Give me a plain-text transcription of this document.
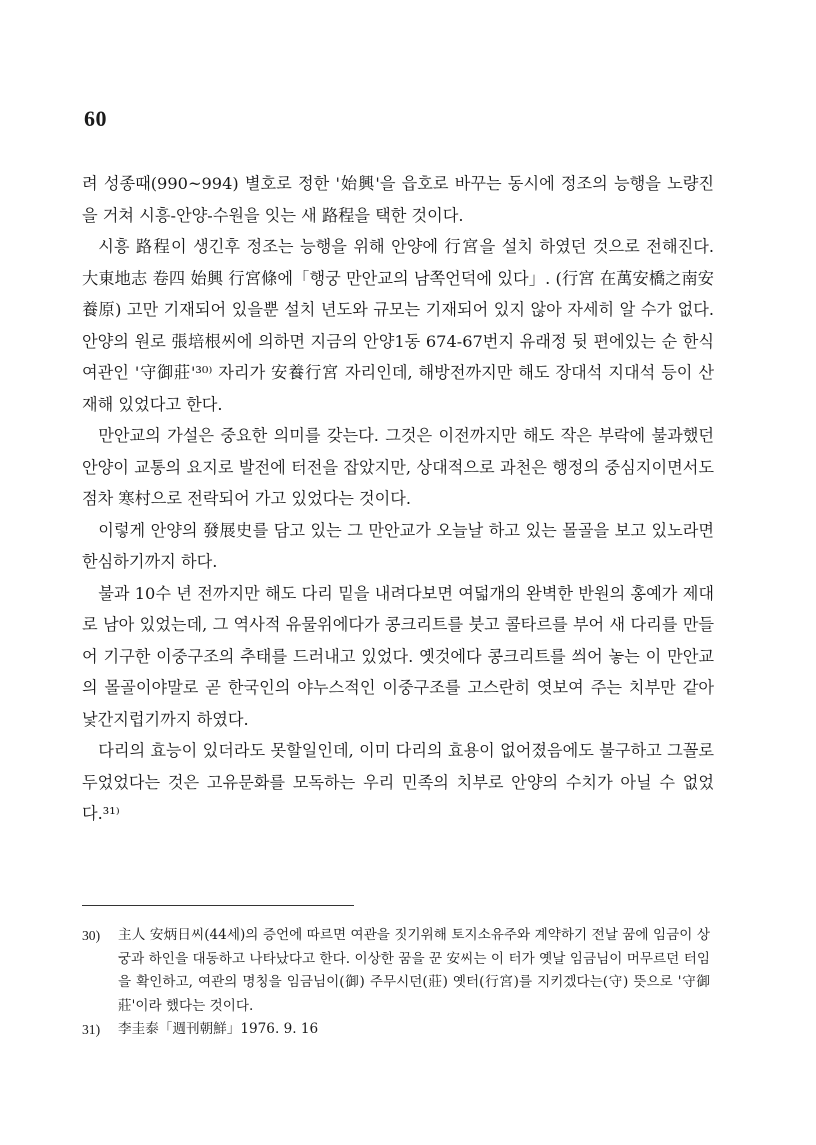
60

려 성종때(990~994) 별호로 정한 '始興'을 읍호로 바꾸는 동시에 정조의 능행을 노량진을 거쳐 시흥-안양-수원을 잇는 새 路程을 택한 것이다.

시흥 路程이 생긴후 정조는 능행을 위해 안양에 行宮을 설치 하였던 것으로 전해진다. 大東地志 卷四 始興 行宮條에「행궁 만안교의 남쪽언덕에 있다」. (行宮 在萬安橋之南安養原) 고만 기재되어 있을뿐 설치 년도와 규모는 기재되어 있지 않아 자세히 알 수가 없다. 안양의 원로 張培根씨에 의하면 지금의 안양1동 674-67번지 유래정 뒷 편에있는 순 한식여관인 '守御莊'³⁰⁾ 자리가 安養行宮 자리인데, 해방전까지만 해도 장대석 지대석 등이 산재해 있었다고 한다.

만안교의 가설은 중요한 의미를 갖는다. 그것은 이전까지만 해도 작은 부락에 불과했던 안양이 교통의 요지로 발전에 터전을 잡았지만, 상대적으로 과천은 행정의 중심지이면서도 점차 寒村으로 전락되어 가고 있었다는 것이다.

이렇게 안양의 發展史를 담고 있는 그 만안교가 오늘날 하고 있는 몰골을 보고 있노라면 한심하기까지 하다.

불과 10수 년 전까지만 해도 다리 밑을 내려다보면 여덟개의 완벽한 반원의 홍예가 제대로 남아 있었는데, 그 역사적 유물위에다가 콩크리트를 붓고 콜타르를 부어 새 다리를 만들어 기구한 이중구조의 추태를 드러내고 있었다. 옛것에다 콩크리트를 씌어 놓는 이 만안교의 몰골이야말로 곧 한국인의 야누스적인 이중구조를 고스란히 엿보여 주는 치부만 같아 낯간지럽기까지 하였다.

다리의 효능이 있더라도 못할일인데, 이미 다리의 효용이 없어졌음에도 불구하고 그꼴로 두었었다는 것은 고유문화를 모독하는 우리 민족의 치부로 안양의 수치가 아닐 수 없었다.³¹⁾

30)	主人 安炳日씨(44세)의 증언에 따르면 여관을 짓기위해 토지소유주와 계약하기 전날 꿈에 임금이 상궁과 하인을 대동하고 나타났다고 한다. 이상한 꿈을 꾼 安씨는 이 터가 옛날 임금님이 머무르던 터임을 확인하고, 여관의 명칭을 임금님이(御) 주무시던(莊) 옛터(行宮)를 지키겠다는(守) 뜻으로 '守御莊'이라 했다는 것이다.
31)	李圭泰「週刊朝鮮」1976. 9. 16
